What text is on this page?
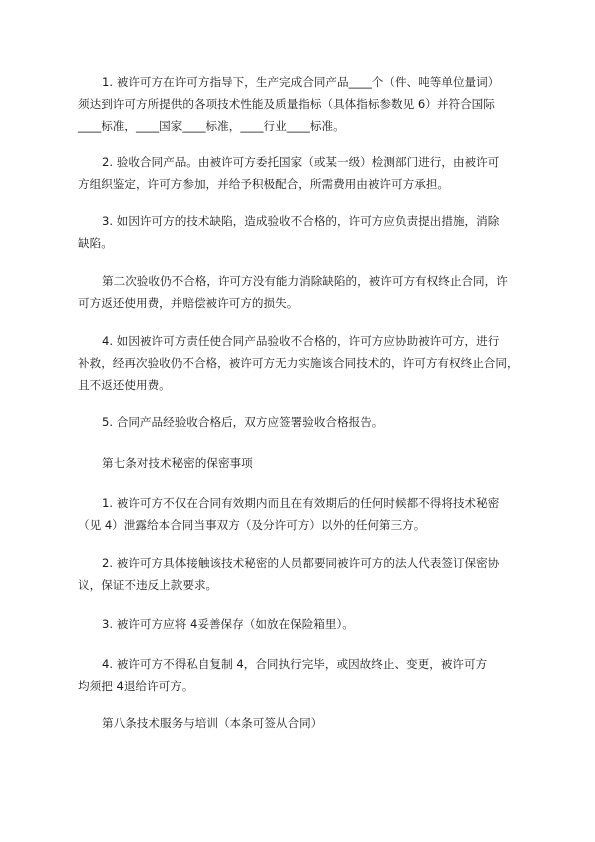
1. 被许可方在许可方指导下，生产完成合同产品____个（件、吨等单位量词）
须达到许可方所提供的各项技术性能及质量指标（具体指标参数见 6）并符合国际
____标准，____国家____标准，____行业____标准。
2. 验收合同产品。由被许可方委托国家（或某一级）检测部门进行，由被许可
方组织鉴定，许可方参加，并给予积极配合，所需费用由被许可方承担。
3. 如因许可方的技术缺陷，造成验收不合格的，许可方应负责提出措施，消除
缺陷。
第二次验收仍不合格，许可方没有能力消除缺陷的，被许可方有权终止合同，许
可方返还使用费，并赔偿被许可方的损失。
4. 如因被许可方责任使合同产品验收不合格的，许可方应协助被许可方，进行
补救，经再次验收仍不合格，被许可方无力实施该合同技术的，许可方有权终止合同，
且不返还使用费。
5. 合同产品经验收合格后，双方应签署验收合格报告。
第七条对技术秘密的保密事项
1. 被许可方不仅在合同有效期内而且在有效期后的任何时候都不得将技术秘密
（见 4）泄露给本合同当事双方（及分许可方）以外的任何第三方。
2. 被许可方具体接触该技术秘密的人员都要同被许可方的法人代表签订保密协
议，保证不违反上款要求。
3. 被许可方应将 4妥善保存（如放在保险箱里）。
4. 被许可方不得私自复制 4，合同执行完毕，或因故终止、变更，被许可方
均须把 4退给许可方。
第八条技术服务与培训（本条可签从合同）
